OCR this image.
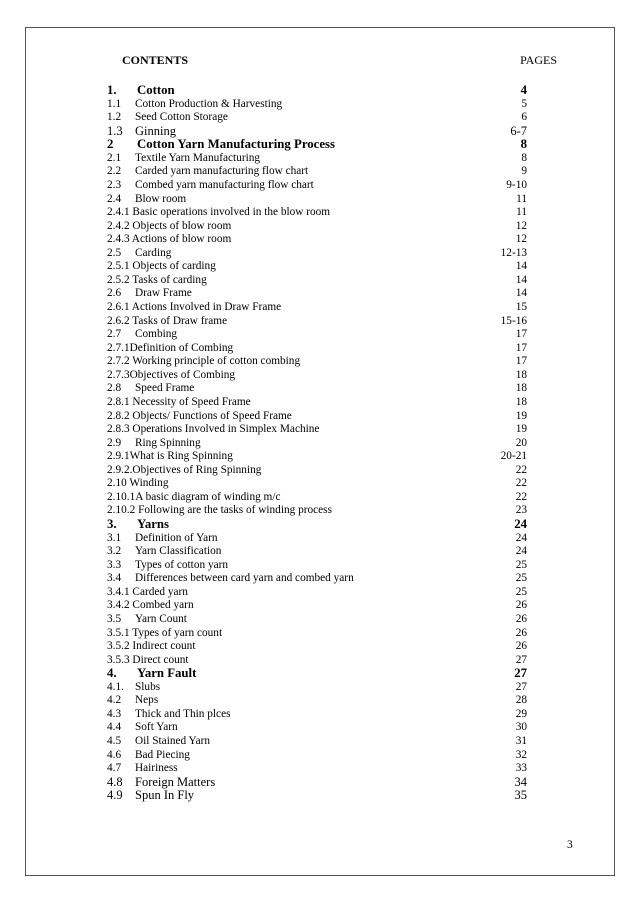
CONTENTS	PAGES
1. Cotton	4
1.1 Cotton Production & Harvesting	5
1.2 Seed Cotton Storage	6
1.3 Ginning	6-7
2 Cotton Yarn Manufacturing Process	8
2.1 Textile Yarn Manufacturing	8
2.2 Carded yarn manufacturing flow chart	9
2.3 Combed yarn manufacturing flow chart	9-10
2.4 Blow room	11
2.4.1 Basic operations involved in the blow room	11
2.4.2 Objects of blow room	12
2.4.3 Actions of blow room	12
2.5 Carding	12-13
2.5.1 Objects of carding	14
2.5.2 Tasks of carding	14
2.6 Draw Frame	14
2.6.1 Actions Involved in Draw Frame	15
2.6.2 Tasks of Draw frame	15-16
2.7 Combing	17
2.7.1Definition of Combing	17
2.7.2 Working principle of cotton combing	17
2.7.3Objectives of Combing	18
2.8 Speed Frame	18
2.8.1 Necessity of Speed Frame	18
2.8.2 Objects/ Functions of Speed Frame	19
2.8.3 Operations Involved in Simplex Machine	19
2.9 Ring Spinning	20
2.9.1What is Ring Spinning	20-21
2.9.2.Objectives of Ring Spinning	22
2.10 Winding	22
2.10.1A basic diagram of winding m/c	22
2.10.2 Following are the tasks of winding process	23
3. Yarns	24
3.1 Definition of Yarn	24
3.2 Yarn Classification	24
3.3 Types of cotton yarn	25
3.4 Differences between card yarn and combed yarn	25
3.4.1 Carded yarn	25
3.4.2 Combed yarn	26
3.5 Yarn Count	26
3.5.1 Types of yarn count	26
3.5.2 Indirect count	26
3.5.3 Direct count	27
4. Yarn Fault	27
4.1. Slubs	27
4.2 Neps	28
4.3 Thick and Thin plces	29
4.4 Soft Yarn	30
4.5 Oil Stained Yarn	31
4.6 Bad Piecing	32
4.7 Hairiness	33
4.8 Foreign Matters	34
4.9 Spun In Fly	35
3
